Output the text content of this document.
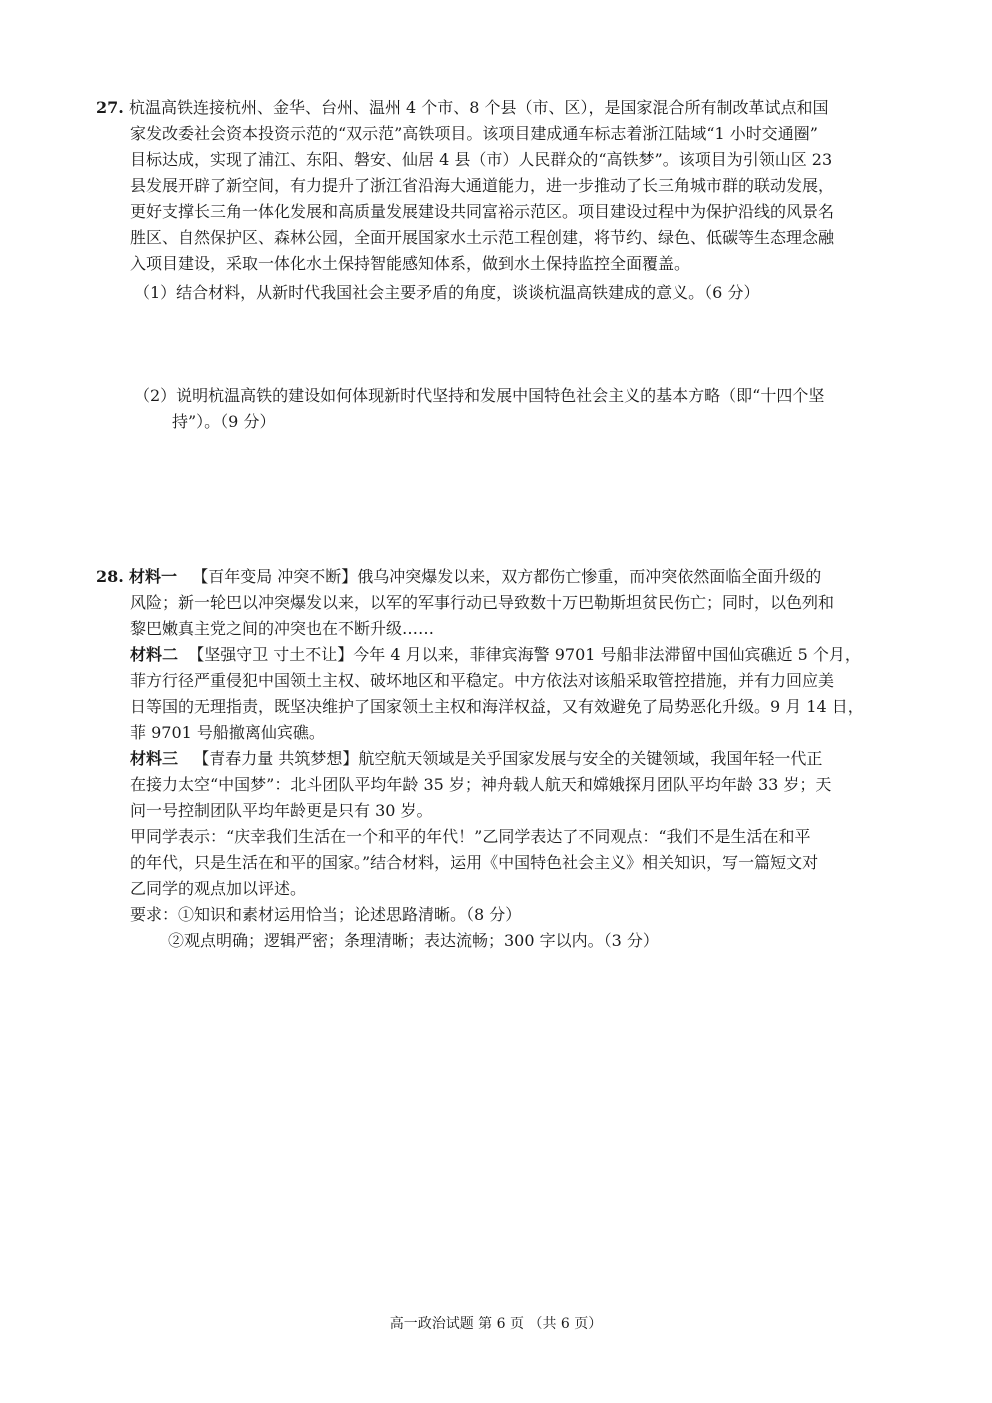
27. 杭温高铁连接杭州、金华、台州、温州 4 个市、8 个县（市、区），是国家混合所有制改革试点和国
家发改委社会资本投资示范的“双示范”高铁项目。该项目建成通车标志着浙江陆域“1 小时交通圈”
目标达成，实现了浦江、东阳、磐安、仙居 4 县（市）人民群众的“高铁梦”。该项目为引领山区 23
县发展开辟了新空间，有力提升了浙江省沿海大通道能力，进一步推动了长三角城市群的联动发展，
更好支撑长三角一体化发展和高质量发展建设共同富裕示范区。项目建设过程中为保护沿线的风景名
胜区、自然保护区、森林公园，全面开展国家水土示范工程创建，将节约、绿色、低碳等生态理念融
入项目建设，采取一体化水土保持智能感知体系，做到水土保持监控全面覆盖。
（1）结合材料，从新时代我国社会主要矛盾的角度，谈谈杭温高铁建成的意义。（6 分）
（2）说明杭温高铁的建设如何体现新时代坚持和发展中国特色社会主义的基本方略（即“十四个坚
持”）。（9 分）
28. 材料一 【百年变局 冲突不断】俄乌冲突爆发以来，双方都伤亡惨重，而冲突依然面临全面升级的
风险；新一轮巴以冲突爆发以来，以军的军事行动已导致数十万巴勒斯坦贫民伤亡；同时，以色列和
黎巴嫩真主党之间的冲突也在不断升级……
材料二 【坚强守卫 寸土不让】今年 4 月以来，菲律宾海警 9701 号船非法滞留中国仙宾礁近 5 个月，
菲方行径严重侵犯中国领土主权、破坏地区和平稳定。中方依法对该船采取管控措施，并有力回应美
日等国的无理指责，既坚决维护了国家领土主权和海洋权益，又有效避免了局势恶化升级。9 月 14 日，
菲 9701 号船撤离仙宾礁。
材料三 【青春力量 共筑梦想】航空航天领域是关乎国家发展与安全的关键领域，我国年轻一代正
在接力太空“中国梦”：北斗团队平均年龄 35 岁；神舟载人航天和嫦娥探月团队平均年龄 33 岁；天
问一号控制团队平均年龄更是只有 30 岁。
甲同学表示：“庆幸我们生活在一个和平的年代！”乙同学表达了不同观点：“我们不是生活在和平
的年代，只是生活在和平的国家。”结合材料，运用《中国特色社会主义》相关知识，写一篇短文对
乙同学的观点加以评述。
要求：①知识和素材运用恰当；论述思路清晰。（8 分）
②观点明确；逻辑严密；条理清晰；表达流畅；300 字以内。（3 分）
高一政治试题 第 6 页 （共 6 页）
